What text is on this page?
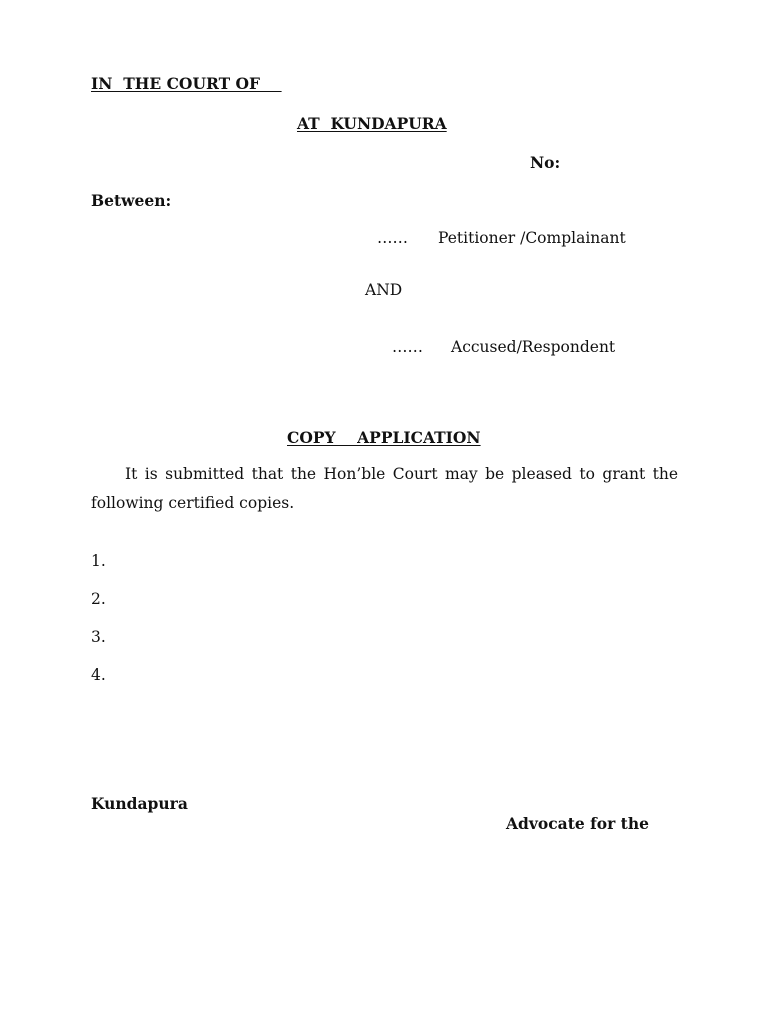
IN  THE COURT OF
AT  KUNDAPURA
No:
Between:
…… Petitioner /Complainant
AND
…… Accused/Respondent
COPY    APPLICATION
It is submitted that the Hon’ble Court may be pleased to grant the following certified copies.
1.
2.
3.
4.
Kundapura
Advocate for the
